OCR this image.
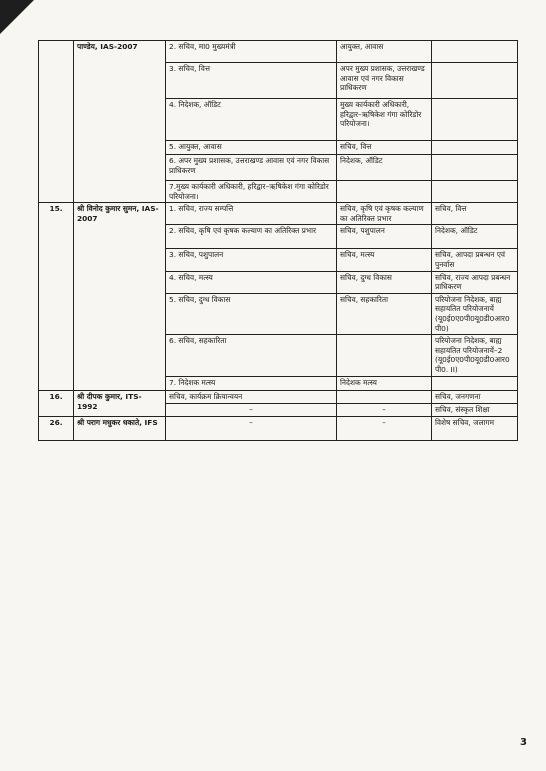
	पाण्डेय, IAS-2007	2. सचिव, मा0 मुख्यमंत्री	आयुक्त, आवास	
		3. सचिव, वित्त	अपर मुख्य प्रशासक, उत्तराखण्ड आवास एवं नगर विकास प्राधिकरण	
		4. निदेशक, ऑडिट	मुख्य कार्यकारी अधिकारी, हरिद्वार–ऋषिकेश गंगा कोरिडोर परियोजना।	
		5. आयुक्त, आवास	सचिव, वित्त	
		6. अपर मुख्य प्रशासक, उत्तराखण्ड आवास एवं नगर विकास प्राधिकरण	निदेशक, ऑडिट	
		7.मुख्य कार्यकारी अधिकारी, हरिद्वार–ऋषिकेश गंगा कोरिडोर परियोजना।		
15.	श्री विनोद कुमार सुमन, IAS-2007	1. सचिव, राज्य सम्पत्ति	सचिव, कृषि एवं कृषक कल्याण का अतिरिक्त प्रभार	सचिव, वित्त
		2. सचिव, कृषि एवं कृषक कल्याण का अतिरिक्त प्रभार	सचिव, पशुपालन	निदेशक, ऑडिट
		3. सचिव, पशुपालन	सचिव, मत्स्य	सचिव, आपदा प्रबन्धन एवं पुनर्वास
		4. सचिव, मत्स्य	सचिव, दुग्ध विकास	सचिव, राज्य आपदा प्रबन्धन प्राधिकरण
		5. सचिव, दुग्ध विकास	सचिव, सहकारिता	परियोजना निदेशक, बाह्य सहायतित परियोजनायें (यू0ई0ए0पी0यू0डी0आर0पी0)
		6. सचिव, सहकारिता		परियोजना निदेशक, बाह्य सहायतित परियोजनायें–2 (यू0ई0ए0पी0यू0डी0आर0पी0. II)
		7. निदेशक मत्स्य	निदेशक मत्स्य	
16.	श्री दीपक कुमार, ITS-1992	सचिव, कार्यक्रम क्रियान्वयन		सचिव, जनगणना
		–	–	सचिव, संस्कृत शिक्षा
26.	श्री पराग मधुकर धकाते, IFS	–	–	विशेष सचिव, जलागम
3
